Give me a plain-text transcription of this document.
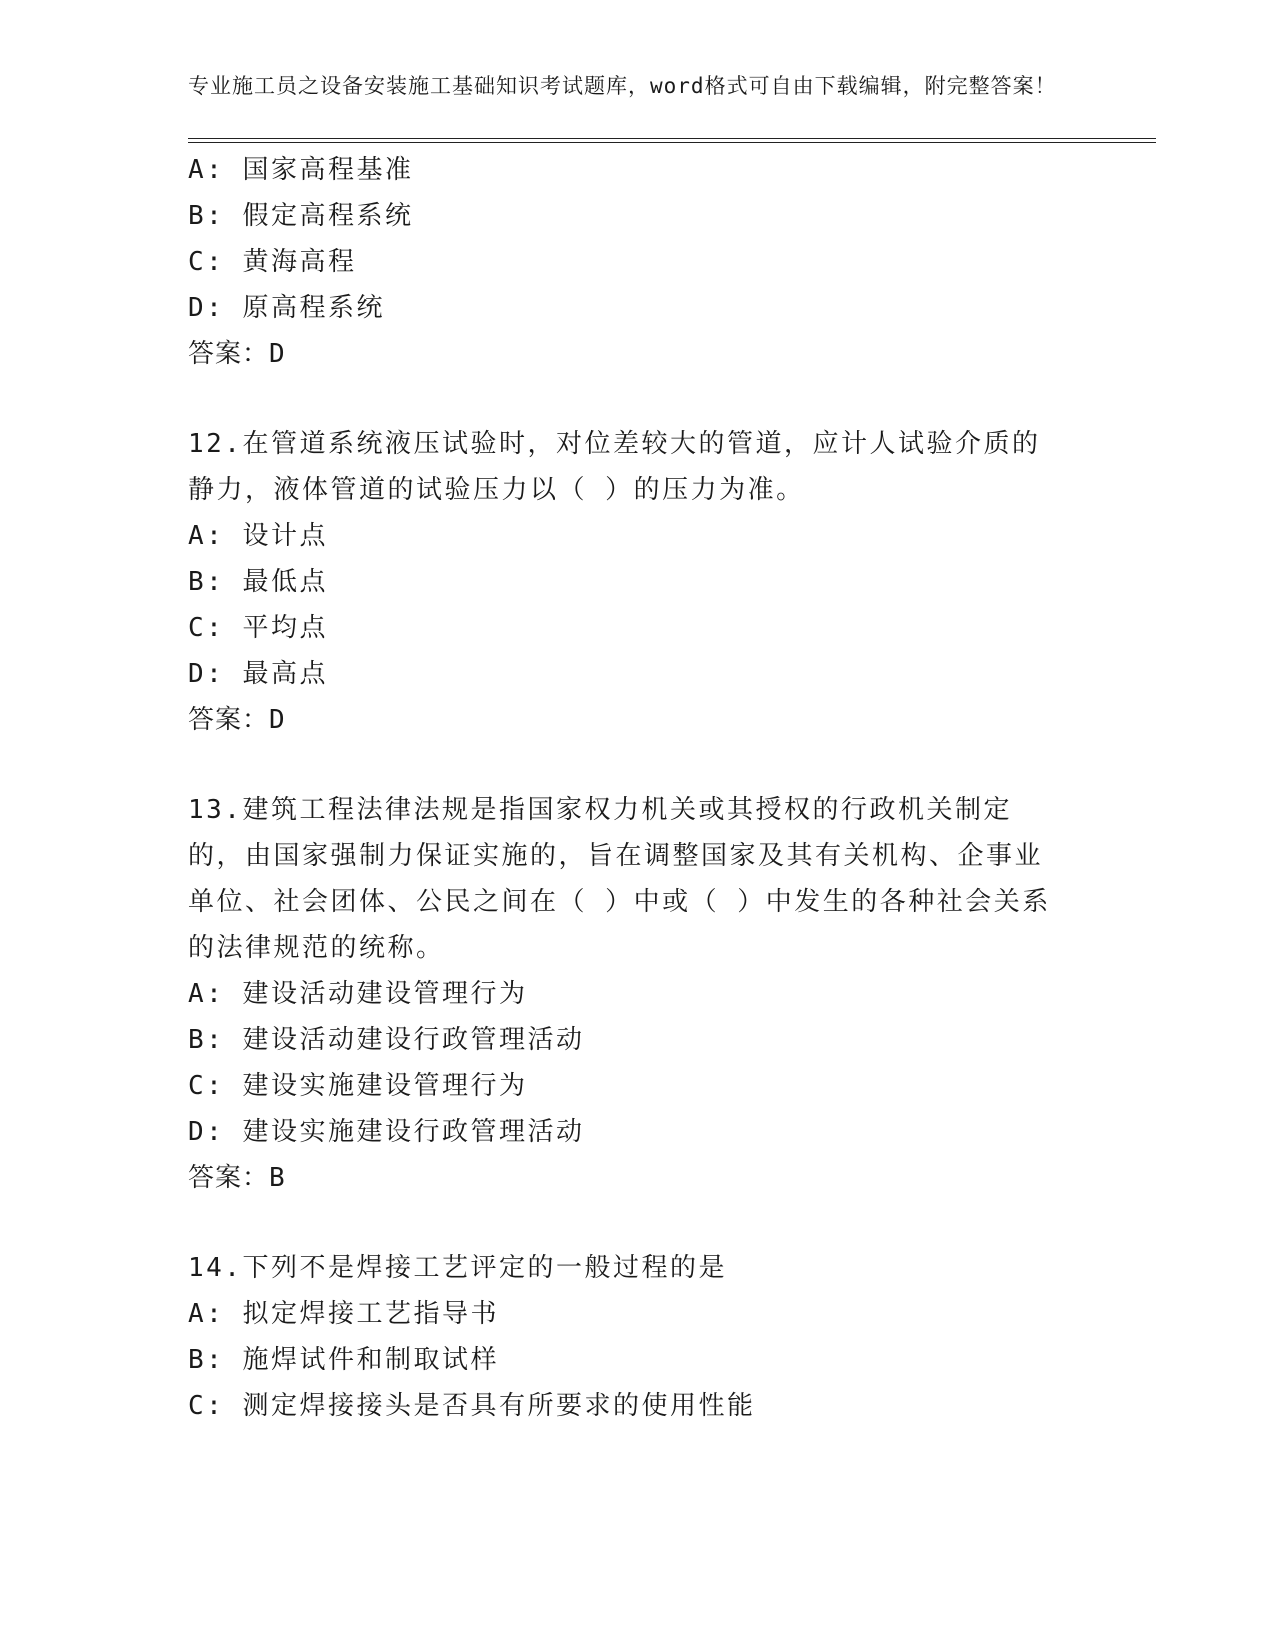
专业施工员之设备安装施工基础知识考试题库，word格式可自由下载编辑，附完整答案！

A: 国家高程基准

B: 假定高程系统

C: 黄海高程

D: 原高程系统

答案：D

12.在管道系统液压试验时，对位差较大的管道，应计人试验介质的静力，液体管道的试验压力以（ ）的压力为准。

A: 设计点

B: 最低点

C: 平均点

D: 最高点

答案：D

13.建筑工程法律法规是指国家权力机关或其授权的行政机关制定的，由国家强制力保证实施的，旨在调整国家及其有关机构、企事业单位、社会团体、公民之间在（ ）中或（ ）中发生的各种社会关系的法律规范的统称。

A: 建设活动建设管理行为

B: 建设活动建设行政管理活动

C: 建设实施建设管理行为

D: 建设实施建设行政管理活动

答案：B

14.下列不是焊接工艺评定的一般过程的是

A: 拟定焊接工艺指导书

B: 施焊试件和制取试样

C: 测定焊接接头是否具有所要求的使用性能
